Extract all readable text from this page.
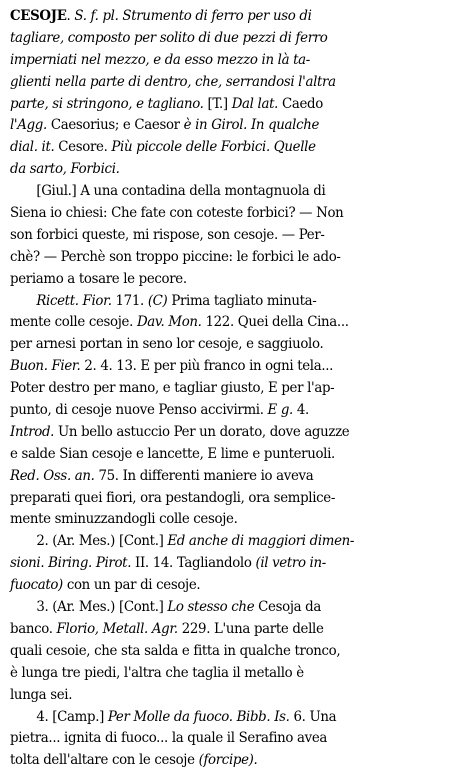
CESOJE. S. f. pl. Strumento di ferro per uso di
tagliare, composto per solito di due pezzi di ferro
imperniati nel mezzo, e da esso mezzo in là ta-
glienti nella parte di dentro, che, serrandosi l'altra
parte, si stringono, e tagliano. [T.] Dal lat. Caedo
l'Agg. Caesorius; e Caesor è in Girol. In qualche
dial. it. Cesore. Più piccole delle Forbici. Quelle
da sarto, Forbici.
[Giul.] A una contadina della montagnuola di
Siena io chiesi: Che fate con coteste forbici? — Non
son forbici queste, mi rispose, son cesoje. — Per-
chè? — Perchè son troppo piccine: le forbici le ado-
periamo a tosare le pecore.
Ricett. Fior. 171. (C) Prima tagliato minuta-
mente colle cesoje. Dav. Mon. 122. Quei della Cina...
per arnesi portan in seno lor cesoje, e saggiuolo.
Buon. Fier. 2. 4. 13. E per più franco in ogni tela...
Poter destro per mano, e tagliar giusto, E per l'ap-
punto, di cesoje nuove Penso accivirmi. E g. 4.
Introd. Un bello astuccio Per un dorato, dove aguzze
e salde Sian cesoje e lancette, E lime e punteruoli.
Red. Oss. an. 75. In differenti maniere io aveva
preparati quei fiori, ora pestandogli, ora semplice-
mente sminuzzandogli colle cesoje.
2. (Ar. Mes.) [Cont.] Ed anche di maggiori dimen-
sioni. Biring. Pirot. II. 14. Tagliandolo (il vetro in-
fuocato) con un par di cesoje.
3. (Ar. Mes.) [Cont.] Lo stesso che Cesoja da
banco. Florio, Metall. Agr. 229. L'una parte delle
quali cesoie, che sta salda e fitta in qualche tronco,
è lunga tre piedi, l'altra che taglia il metallo è
lunga sei.
4. [Camp.] Per Molle da fuoco. Bibb. Is. 6. Una
pietra... ignita di fuoco... la quale il Serafino avea
tolta dell'altare con le cesoje (forcipe).
